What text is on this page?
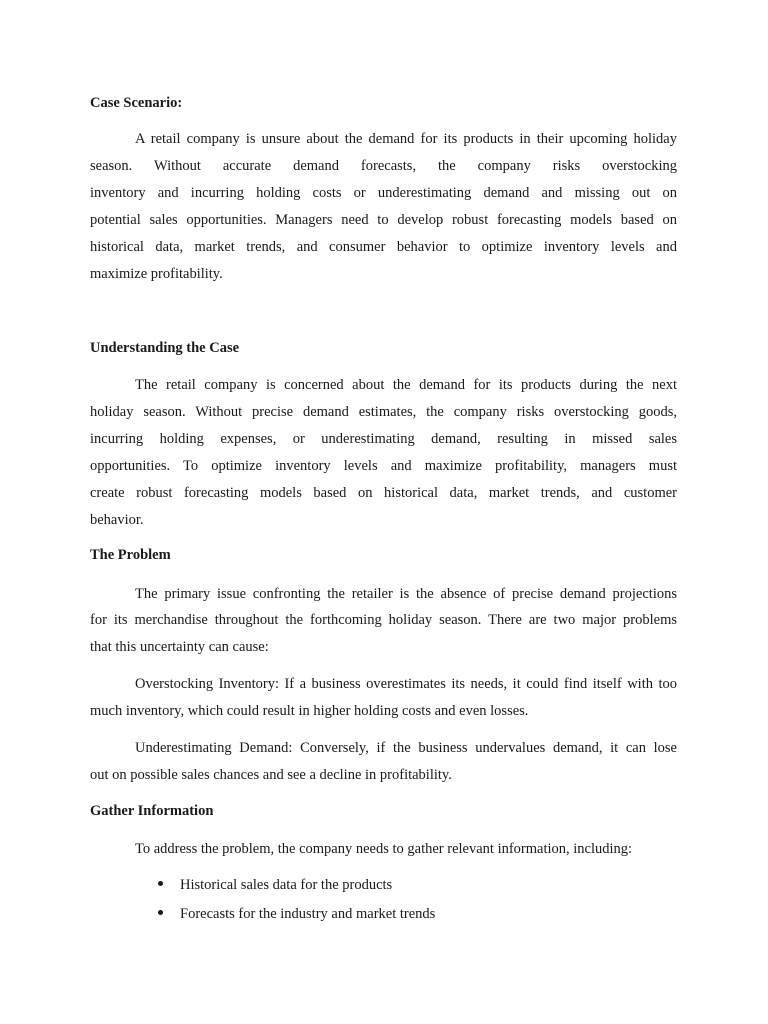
Case Scenario:
A retail company is unsure about the demand for its products in their upcoming holiday
season. Without accurate demand forecasts, the company risks overstocking
inventory and incurring holding costs or underestimating demand and missing out on
potential sales opportunities. Managers need to develop robust forecasting models based on
historical data, market trends, and consumer behavior to optimize inventory levels and
maximize profitability.
Understanding the Case
The retail company is concerned about the demand for its products during the next
holiday season. Without precise demand estimates, the company risks overstocking goods,
incurring holding expenses, or underestimating demand, resulting in missed sales
opportunities. To optimize inventory levels and maximize profitability, managers must
create robust forecasting models based on historical data, market trends, and customer
behavior.
The Problem
The primary issue confronting the retailer is the absence of precise demand projections
for its merchandise throughout the forthcoming holiday season. There are two major problems
that this uncertainty can cause:
Overstocking Inventory: If a business overestimates its needs, it could find itself with too
much inventory, which could result in higher holding costs and even losses.
Underestimating Demand: Conversely, if the business undervalues demand, it can lose
out on possible sales chances and see a decline in profitability.
Gather Information
To address the problem, the company needs to gather relevant information, including:
Historical sales data for the products
Forecasts for the industry and market trends
